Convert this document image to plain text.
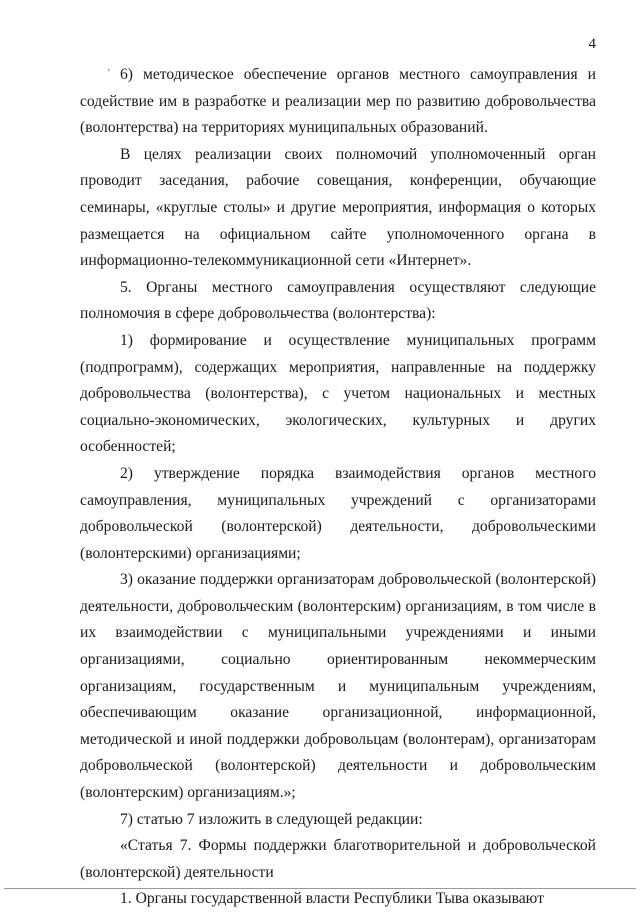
4
' 6) методическое обеспечение органов местного самоуправления и содействие им в разработке и реализации мер по развитию добровольчества (волонтерства) на территориях муниципальных образований.

В целях реализации своих полномочий уполномоченный орган проводит заседания, рабочие совещания, конференции, обучающие семинары, «круглые столы» и другие мероприятия, информация о которых размещается на официальном сайте уполномоченного органа в информационно-телекоммуникационной сети «Интернет».

5. Органы местного самоуправления осуществляют следующие полномочия в сфере добровольчества (волонтерства):

1) формирование и осуществление муниципальных программ (подпрограмм), содержащих мероприятия, направленные на поддержку добровольчества (волонтерства), с учетом национальных и местных социально-экономических, экологических, культурных и других особенностей;

2) утверждение порядка взаимодействия органов местного самоуправления, муниципальных учреждений с организаторами добровольческой (волонтерской) деятельности, добровольческими (волонтерскими) организациями;

3) оказание поддержки организаторам добровольческой (волонтерской) деятельности, добровольческим (волонтерским) организациям, в том числе в их взаимодействии с муниципальными учреждениями и иными организациями, социально ориентированным некоммерческим организациям, государственным и муниципальным учреждениям, обеспечивающим оказание организационной, информационной, методической и иной поддержки добровольцам (волонтерам), организаторам добровольческой (волонтерской) деятельности и добровольческим (волонтерским) организациям.»;

7) статью 7 изложить в следующей редакции:

«Статья 7. Формы поддержки благотворительной и добровольческой (волонтерской) деятельности

1. Органы государственной власти Республики Тыва оказывают
